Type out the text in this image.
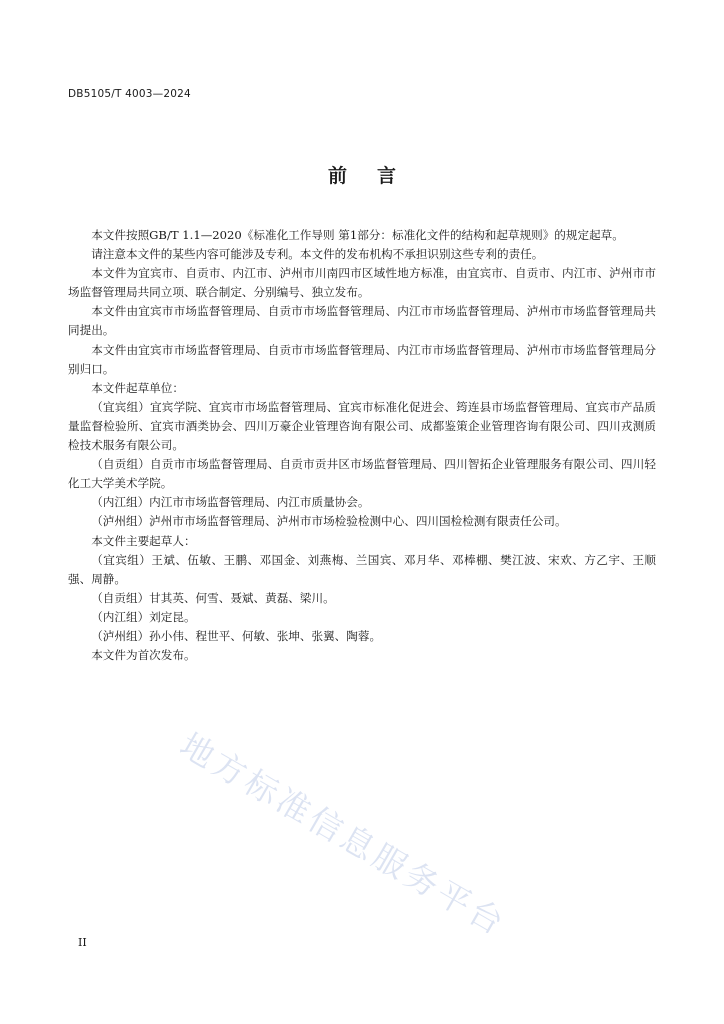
DB5105/T 4003—2024
前言

本文件按照GB/T 1.1—2020《标准化工作导则 第1部分：标准化文件的结构和起草规则》的规定起草。

请注意本文件的某些内容可能涉及专利。本文件的发布机构不承担识别这些专利的责任。

本文件为宜宾市、自贡市、内江市、泸州市川南四市区域性地方标准，由宜宾市、自贡市、内江市、泸州市市场监督管理局共同立项、联合制定、分别编号、独立发布。

本文件由宜宾市市场监督管理局、自贡市市场监督管理局、内江市市场监督管理局、泸州市市场监督管理局共同提出。

本文件由宜宾市市场监督管理局、自贡市市场监督管理局、内江市市场监督管理局、泸州市市场监督管理局分别归口。

本文件起草单位：

（宜宾组）宜宾学院、宜宾市市场监督管理局、宜宾市标准化促进会、筠连县市场监督管理局、宜宾市产品质量监督检验所、宜宾市酒类协会、四川万豪企业管理咨询有限公司、成都鉴策企业管理咨询有限公司、四川戎测质检技术服务有限公司。

（自贡组）自贡市市场监督管理局、自贡市贡井区市场监督管理局、四川智拓企业管理服务有限公司、四川轻化工大学美术学院。

（内江组）内江市市场监督管理局、内江市质量协会。

（泸州组）泸州市市场监督管理局、泸州市市场检验检测中心、四川国检检测有限责任公司。

本文件主要起草人：

（宜宾组）王斌、伍敏、王鹏、邓国金、刘燕梅、兰国宾、邓月华、邓棒棚、樊江波、宋欢、方乙宇、王顺强、周静。

（自贡组）甘其英、何雪、聂斌、黄磊、梁川。

（内江组）刘定昆。

（泸州组）孙小伟、程世平、何敏、张坤、张翼、陶蓉。

本文件为首次发布。

地方标准信息服务平台
II
